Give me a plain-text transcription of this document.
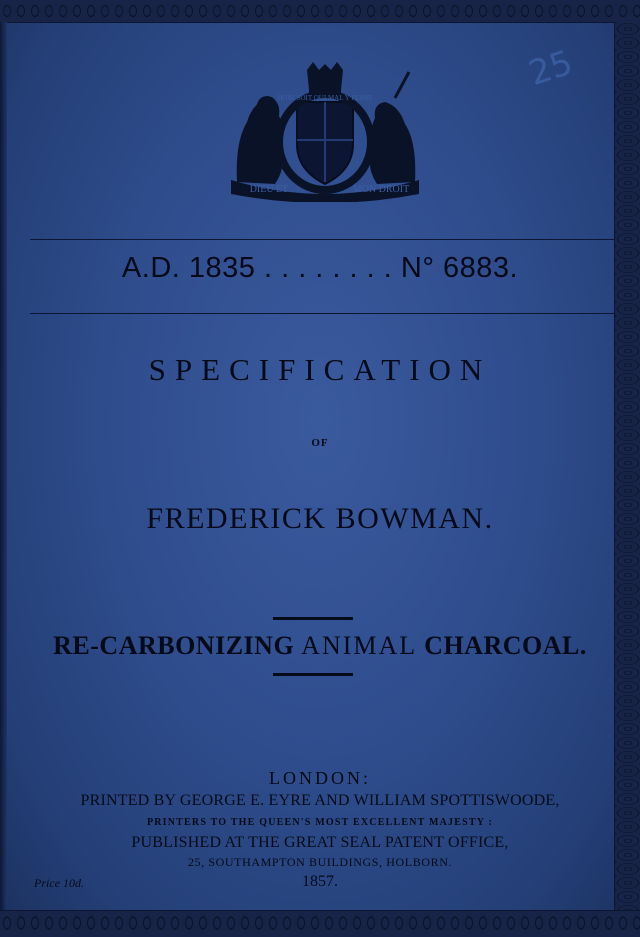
25
HONI SOIT QUI MAL Y PENSE
DIEU ET	MON DROIT
A.D. 1835 . . . . . . . . N° 6883.
SPECIFICATION
OF
FREDERICK BOWMAN.
RE-CARBONIZING ANIMAL CHARCOAL.
LONDON:
PRINTED BY GEORGE E. EYRE AND WILLIAM SPOTTISWOODE,
PRINTERS TO THE QUEEN'S MOST EXCELLENT MAJESTY :
PUBLISHED AT THE GREAT SEAL PATENT OFFICE,
25, SOUTHAMPTON BUILDINGS, HOLBORN.
Price 10d.	1857.
